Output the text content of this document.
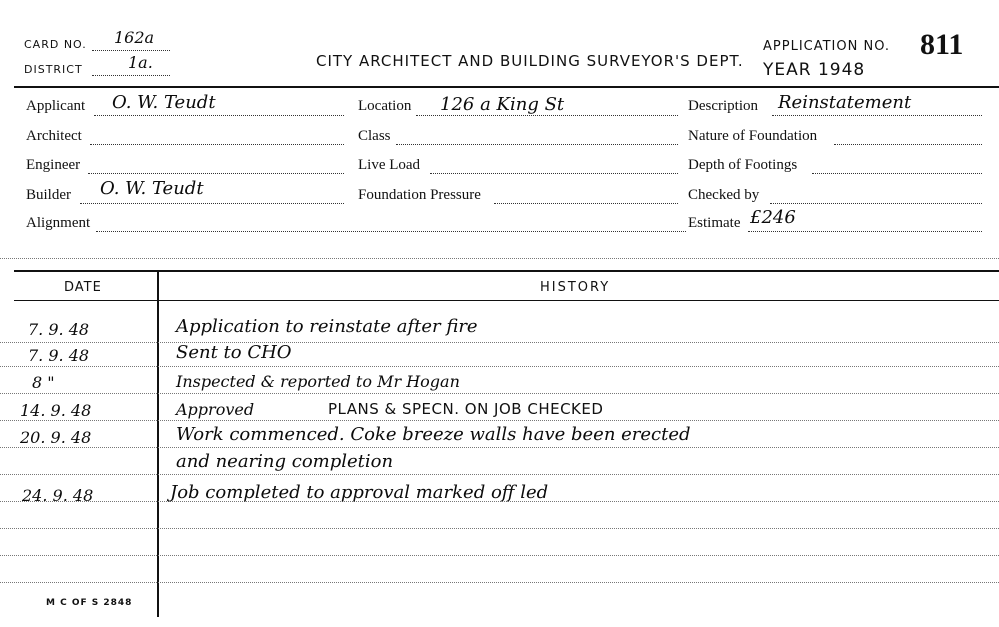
CARD NO. 162a
DISTRICT	1a.	CITY ARCHITECT AND BUILDING SURVEYOR'S DEPT.
APPLICATION NO. 811
YEAR 1948
Applicant O. W. Teudt
Architect
Engineer
Builder O. W. Teudt
Alignment
Location 126 a King St
Class
Live Load
Foundation Pressure
Description Reinstatement
Nature of Foundation
Depth of Footings
Checked by
Estimate £246
DATE	HISTORY
7. 9. 48	Application to reinstate after fire
7. 9. 48	Sent to CHO
8 "	Inspected & reported to Mr Hogan
14. 9. 48	Approved	PLANS & SPECN. ON JOB CHECKED
20. 9. 48	Work commenced. Coke breeze walls have been erected
and nearing completion
24. 9. 48	Job completed to approval marked off led
M C OF S 2848
